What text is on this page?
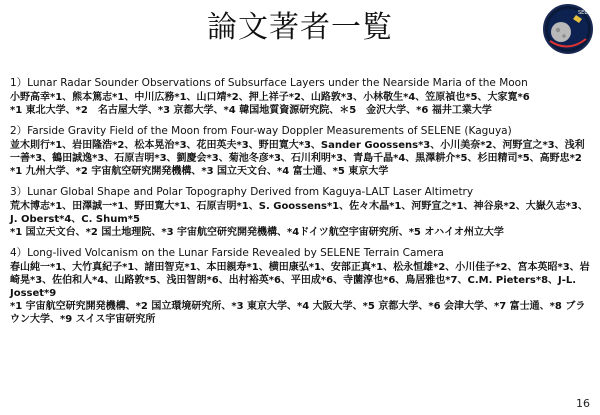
論文著者一覧	SELENE
1）Lunar Radar Sounder Observations of Subsurface Layers under the Nearside Maria of the Moon
小野高幸*1、熊本篤志*1、中川広務*1、山口靖*2、押上祥子*2、山路敦*3、小林敬生*4、笠原禎也*5、大家寛*6
*1 東北大学、*2　名古屋大学、*3 京都大学、*4 韓国地質資源研究院、＊5　金沢大学、*6 福井工業大学
2）Farside Gravity Field of the Moon from Four-way Doppler Measurements of SELENE (Kaguya)
並木則行*1、岩田隆浩*2、松本晃治*3、花田英夫*3、野田寛大*3、Sander Goossens*3、小川美奈*2、河野宣之*3、浅利一善*3、鶴田誠逸*3、石原吉明*3、劉慶会*3、菊池冬彦*3、石川利明*3、青島千晶*4、黒澤耕介*5、杉田精司*5、高野忠*2
*1 九州大学、*2 宇宙航空研究開発機構、*3 国立天文台、*4 富士通、*5 東京大学
3）Lunar Global Shape and Polar Topography Derived from Kaguya-LALT Laser Altimetry
荒木博志*1、田澤誠一*1、野田寛大*1、石原吉明*1、S. Goossens*1、佐々木晶*1、河野宣之*1、神谷泉*2、大嶽久志*3、J. Oberst*4、C. Shum*5
*1 国立天文台、*2 国土地理院、*3 宇宙航空研究開発機構、*4ドイツ航空宇宙研究所、*5 オハイオ州立大学
4）Long-lived Volcanism on the Lunar Farside Revealed by SELENE Terrain Camera
春山純一*1、大竹真紀子*1、諸田智克*1、本田親寿*1、横田康弘*1、安部正真*1、松永恒雄*2、小川佳子*2、宮本英昭*3、岩崎晃*3、佐伯和人*4、山路敦*5、浅田智朗*6、出村裕英*6、平田成*6、寺薗淳也*6、鳥居雅也*7、C.M. Pieters*8、J-L. Josset*9
*1 宇宙航空研究開発機構、*2 国立環境研究所、*3 東京大学、*4 大阪大学、*5 京都大学、*6 会津大学、*7 富士通、*8 ブラウン大学、*9 スイス宇宙研究所
16
